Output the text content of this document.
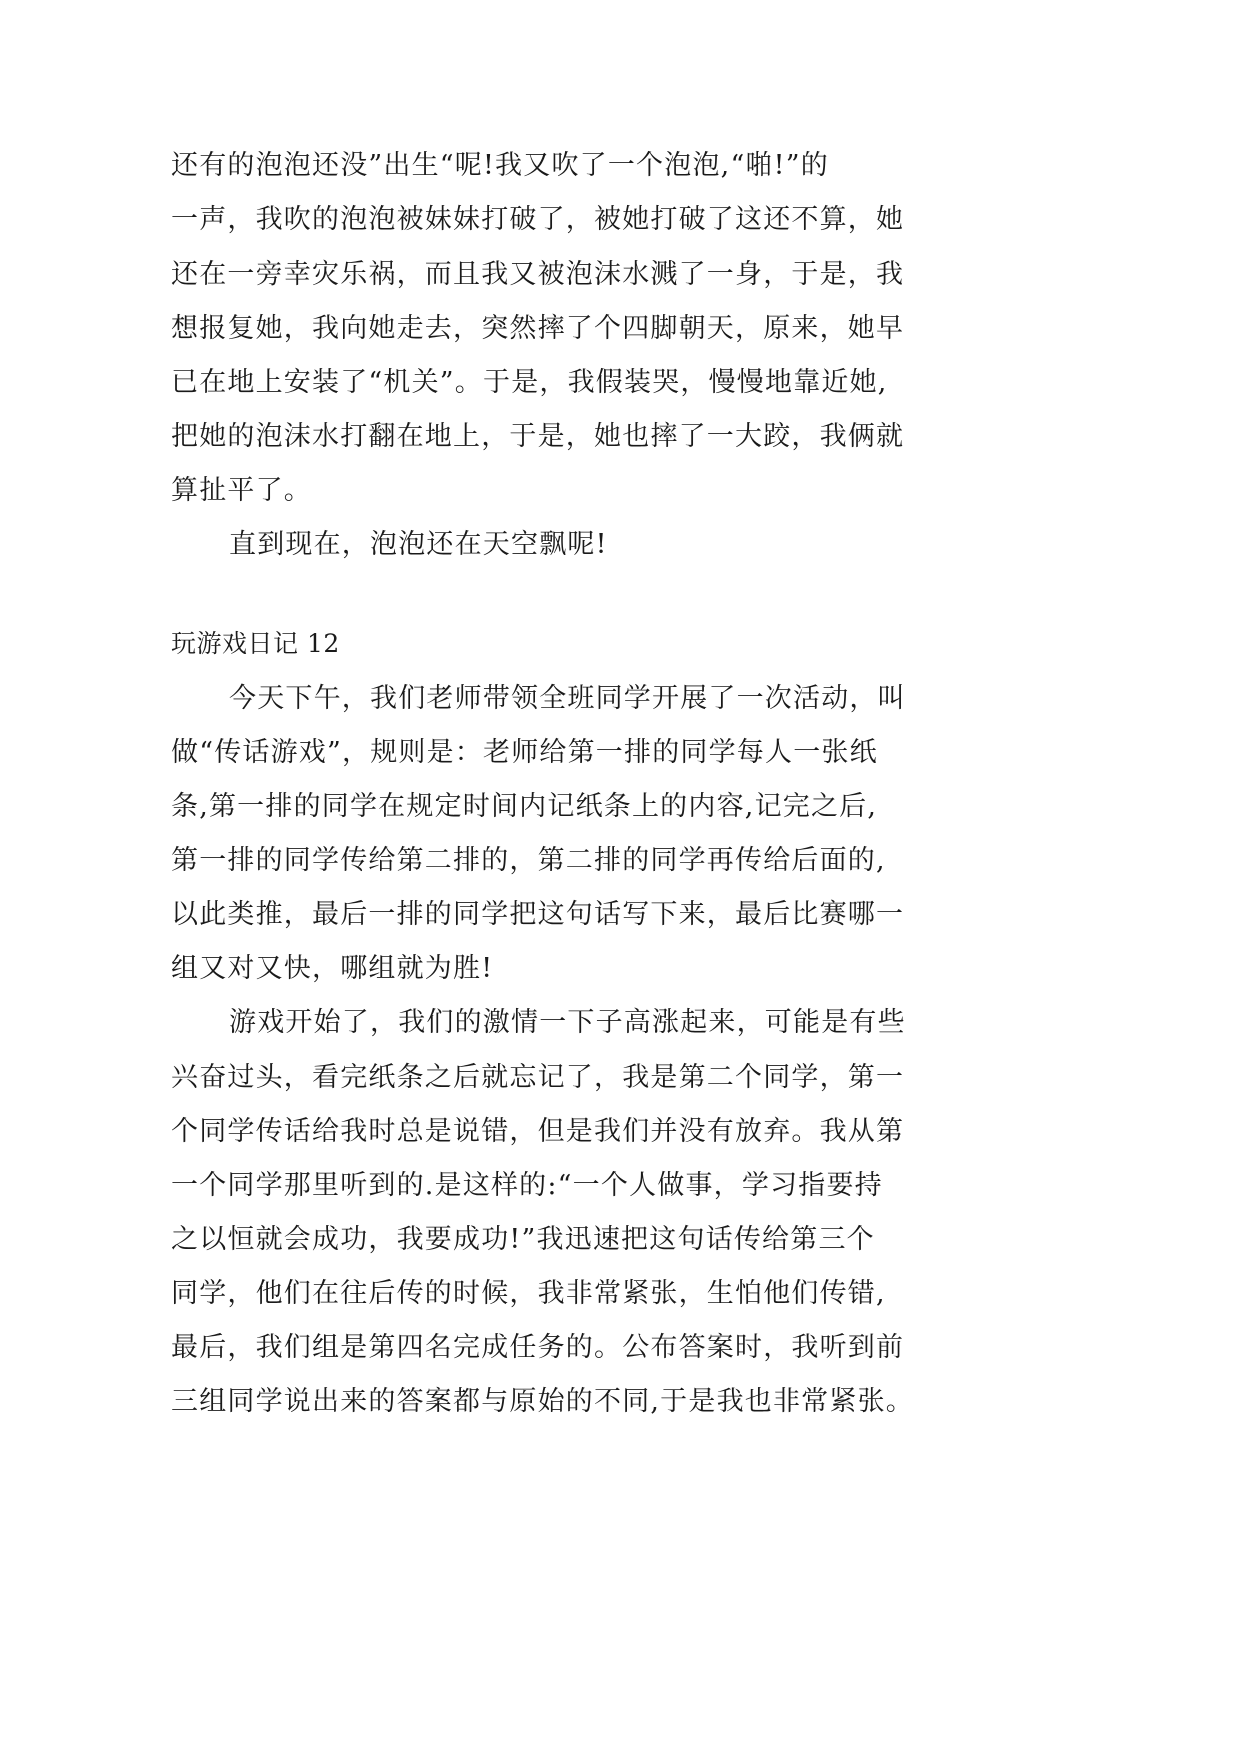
还有的泡泡还没”出生“呢!我又吹了一个泡泡,“啪!”的
一声，我吹的泡泡被妹妹打破了，被她打破了这还不算，她
还在一旁幸灾乐祸，而且我又被泡沫水溅了一身，于是，我
想报复她，我向她走去，突然摔了个四脚朝天，原来，她早
已在地上安装了“机关”。于是，我假装哭，慢慢地靠近她,
把她的泡沫水打翻在地上，于是，她也摔了一大跤，我俩就
算扯平了。
直到现在，泡泡还在天空飘呢!
玩游戏日记 12
今天下午，我们老师带领全班同学开展了一次活动，叫
做“传话游戏”，规则是：老师给第一排的同学每人一张纸
条,第一排的同学在规定时间内记纸条上的内容,记完之后,
第一排的同学传给第二排的，第二排的同学再传给后面的,
以此类推，最后一排的同学把这句话写下来，最后比赛哪一
组又对又快，哪组就为胜!
游戏开始了，我们的激情一下子高涨起来，可能是有些
兴奋过头，看完纸条之后就忘记了，我是第二个同学，第一
个同学传话给我时总是说错，但是我们并没有放弃。我从第
一个同学那里听到的.是这样的:“一个人做事，学习指要持
之以恒就会成功，我要成功!”我迅速把这句话传给第三个
同学，他们在往后传的时候，我非常紧张，生怕他们传错,
最后，我们组是第四名完成任务的。公布答案时，我听到前
三组同学说出来的答案都与原始的不同,于是我也非常紧张。
